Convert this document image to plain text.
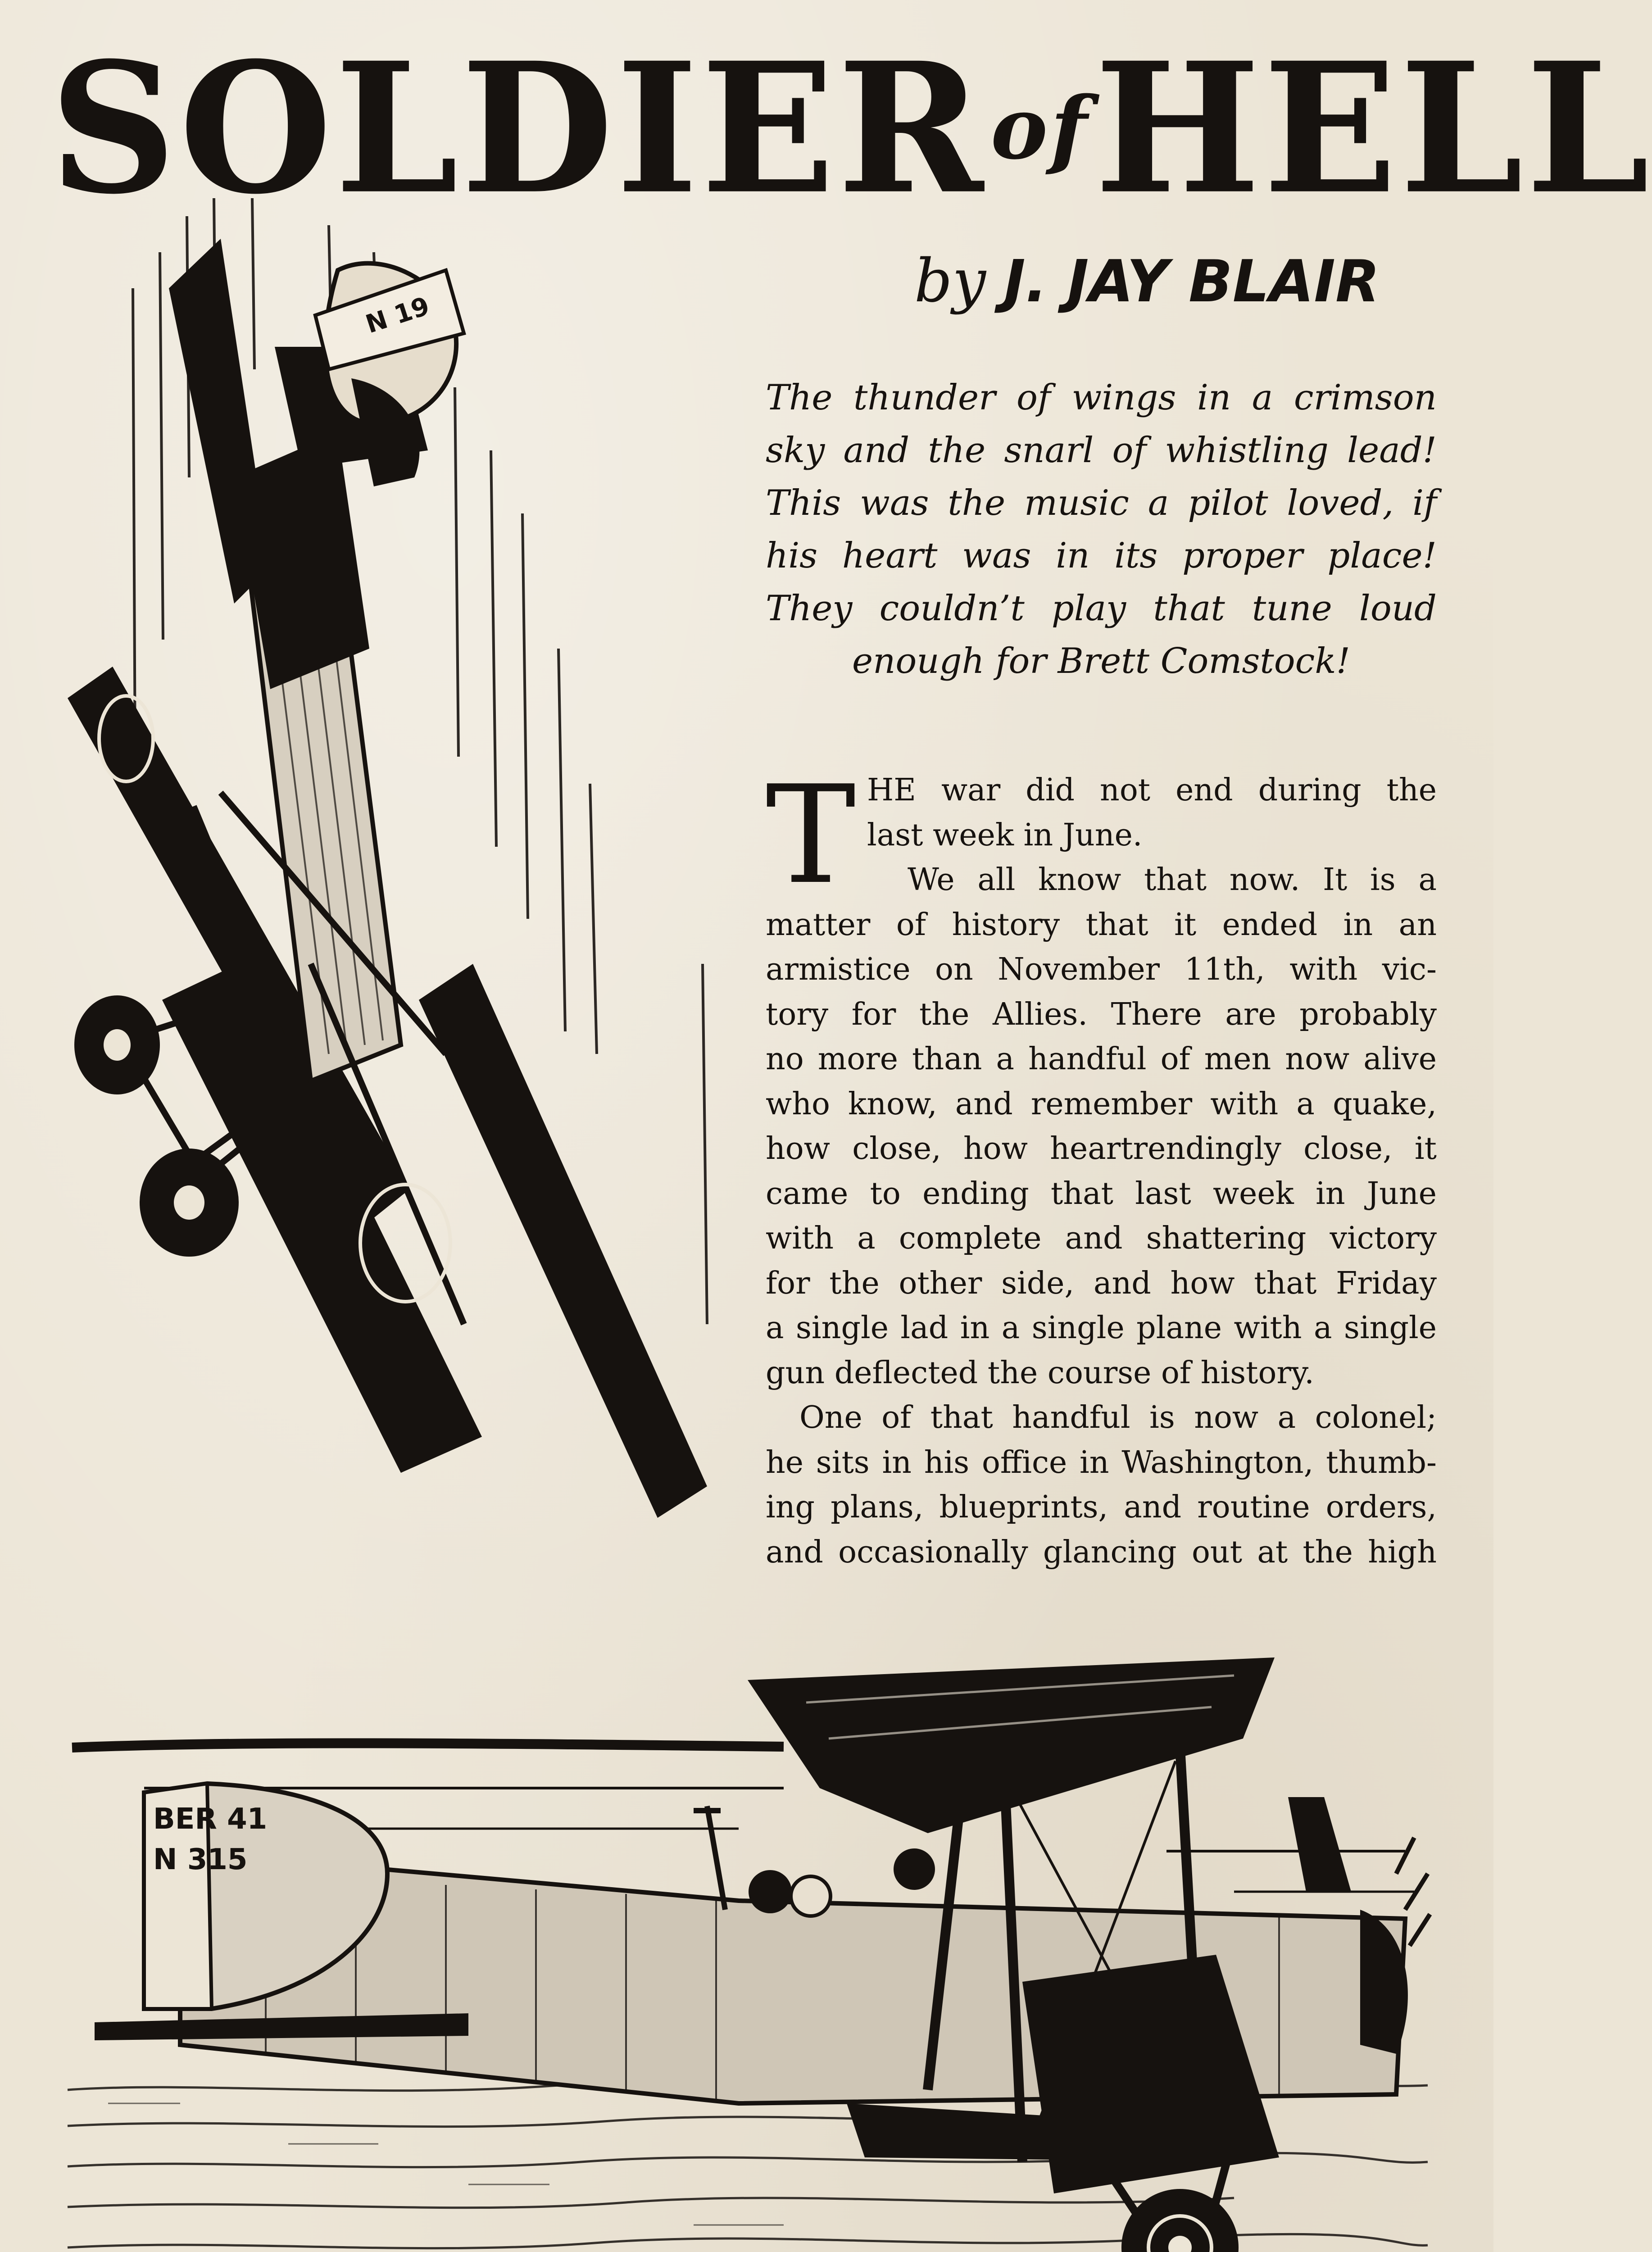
SOLDIER of HELL
by J. JAY BLAIR
N 19
The thunder of wings in a crimson
sky and the snarl of whistling lead!
This was the music a pilot loved, if
his heart was in its proper place!
They couldn’t play that tune loud
enough for Brett Comstock!
T HE war did not end during the
last week in June.
We all know that now. It is a
matter of history that it ended in an
armistice on November 11th, with vic-
tory for the Allies. There are probably
no more than a handful of men now alive
who know, and remember with a quake,
how close, how heartrendingly close, it
came to ending that last week in June
with a complete and shattering victory
for the other side, and how that Friday
a single lad in a single plane with a single
gun deflected the course of history.
One of that handful is now a colonel;
he sits in his office in Washington, thumb-
ing plans, blueprints, and routine orders,
and occasionally glancing out at the high
BER 41
N 315
